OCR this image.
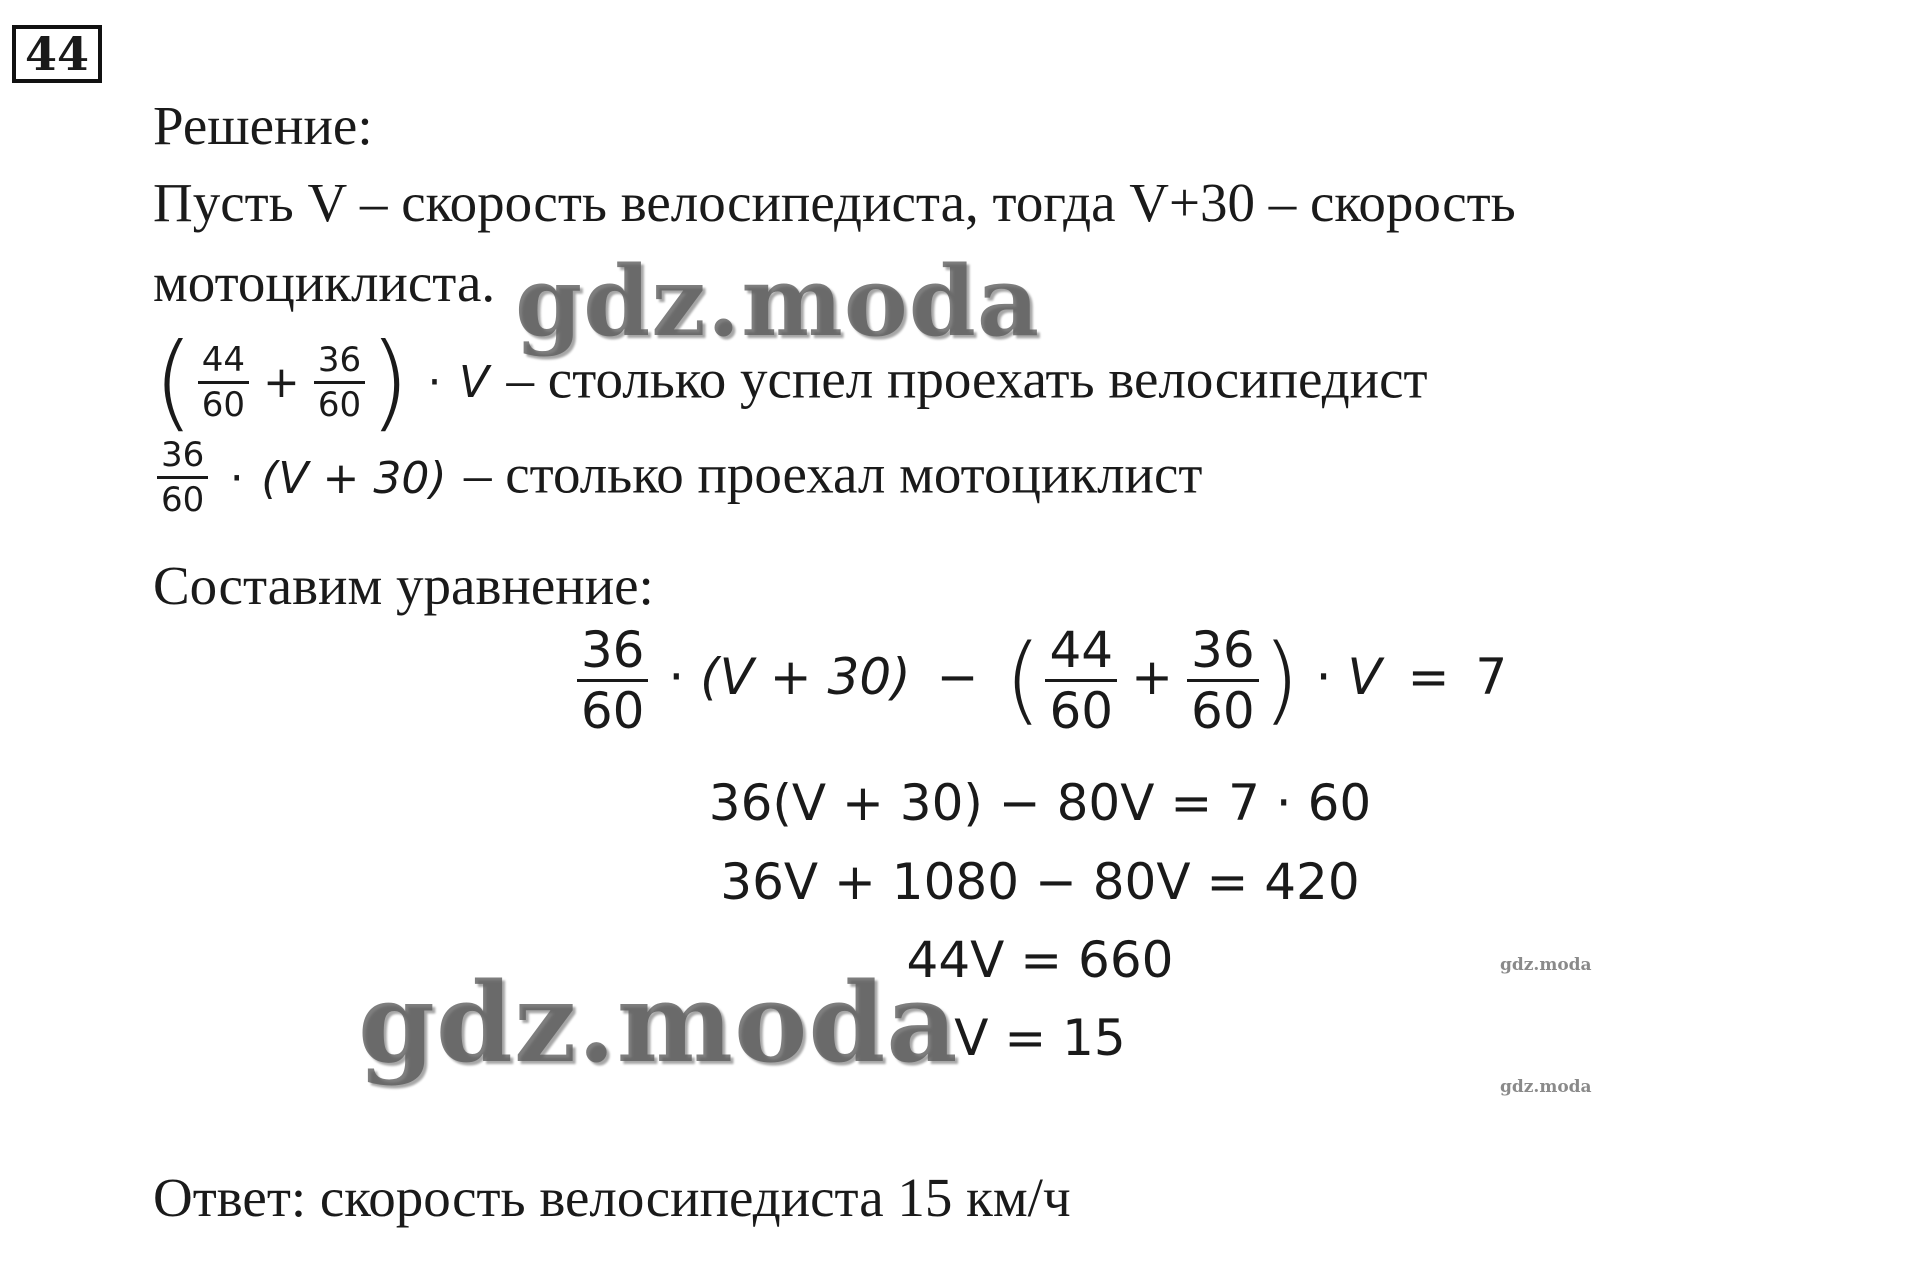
44
Решение:
Пусть V – скорость велосипедиста, тогда V+30 – скорость
мотоциклиста.
( $\frac{44}{60} + \frac{36}{60}$ ) · V – столько успел проехать велосипедист
$\frac{36}{60} \cdot (V + 30)$ – столько проехал мотоциклист
Составим уравнение:
$\frac{36}{60} \cdot (V + 30)$ − ( $\frac{44}{60} + \frac{36}{60}$ ) · V = 7
36(V + 30) − 80V = 7 · 60
36V + 1080 − 80V = 420
44V = 660
V = 15
Ответ: скорость велосипедиста 15 км/ч
gdz.moda
gdz.moda	gdz.moda
gdz.moda
